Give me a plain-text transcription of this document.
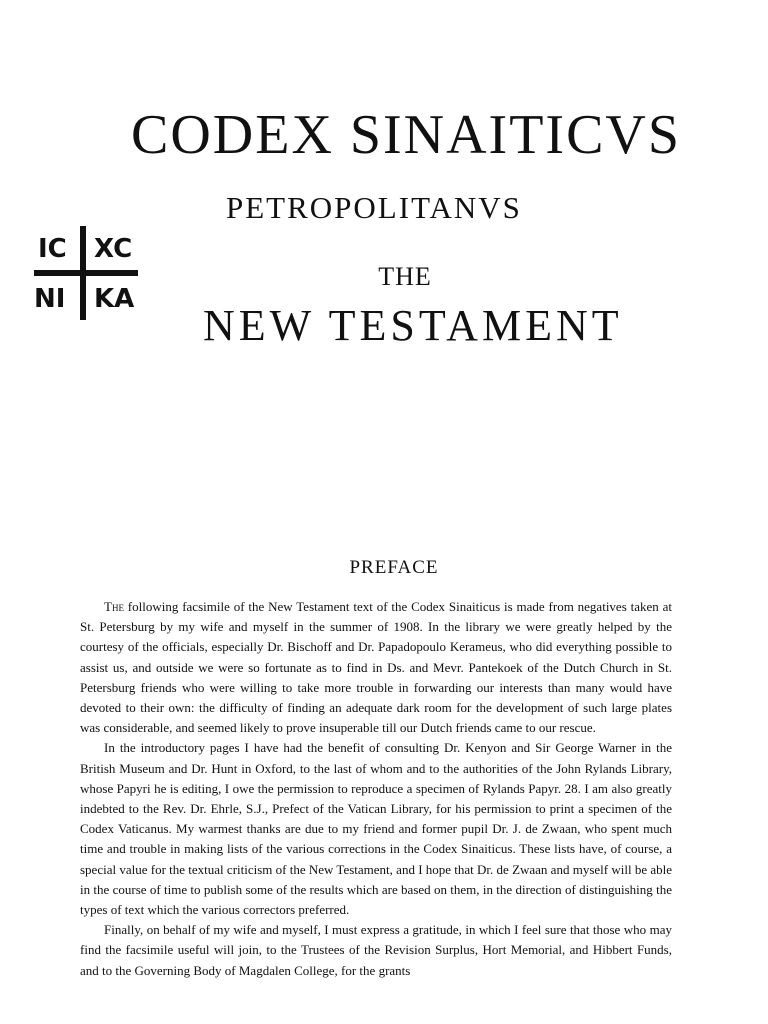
CODEX SINAITICVS
PETROPOLITANVS
IC XC
NI KA
THE
NEW TESTAMENT
PREFACE

The following facsimile of the New Testament text of the Codex Sinaiticus is made from negatives taken at St. Petersburg by my wife and myself in the summer of 1908. In the library we were greatly helped by the courtesy of the officials, especially Dr. Bischoff and Dr. Papadopoulo Kerameus, who did everything possible to assist us, and outside we were so fortunate as to find in Ds. and Mevr. Pantekoek of the Dutch Church in St. Petersburg friends who were willing to take more trouble in forwarding our interests than many would have devoted to their own: the difficulty of finding an adequate dark room for the development of such large plates was considerable, and seemed likely to prove insuperable till our Dutch friends came to our rescue.

In the introductory pages I have had the benefit of consulting Dr. Kenyon and Sir George Warner in the British Museum and Dr. Hunt in Oxford, to the last of whom and to the authorities of the John Rylands Library, whose Papyri he is editing, I owe the permission to reproduce a specimen of Rylands Papyr. 28. I am also greatly indebted to the Rev. Dr. Ehrle, S.J., Prefect of the Vatican Library, for his permission to print a specimen of the Codex Vaticanus. My warmest thanks are due to my friend and former pupil Dr. J. de Zwaan, who spent much time and trouble in making lists of the various corrections in the Codex Sinaiticus. These lists have, of course, a special value for the textual criticism of the New Testament, and I hope that Dr. de Zwaan and myself will be able in the course of time to publish some of the results which are based on them, in the direction of distinguishing the types of text which the various correctors preferred.

Finally, on behalf of my wife and myself, I must express a gratitude, in which I feel sure that those who may find the facsimile useful will join, to the Trustees of the Revision Surplus, Hort Memorial, and Hibbert Funds, and to the Governing Body of Magdalen College, for the grants
